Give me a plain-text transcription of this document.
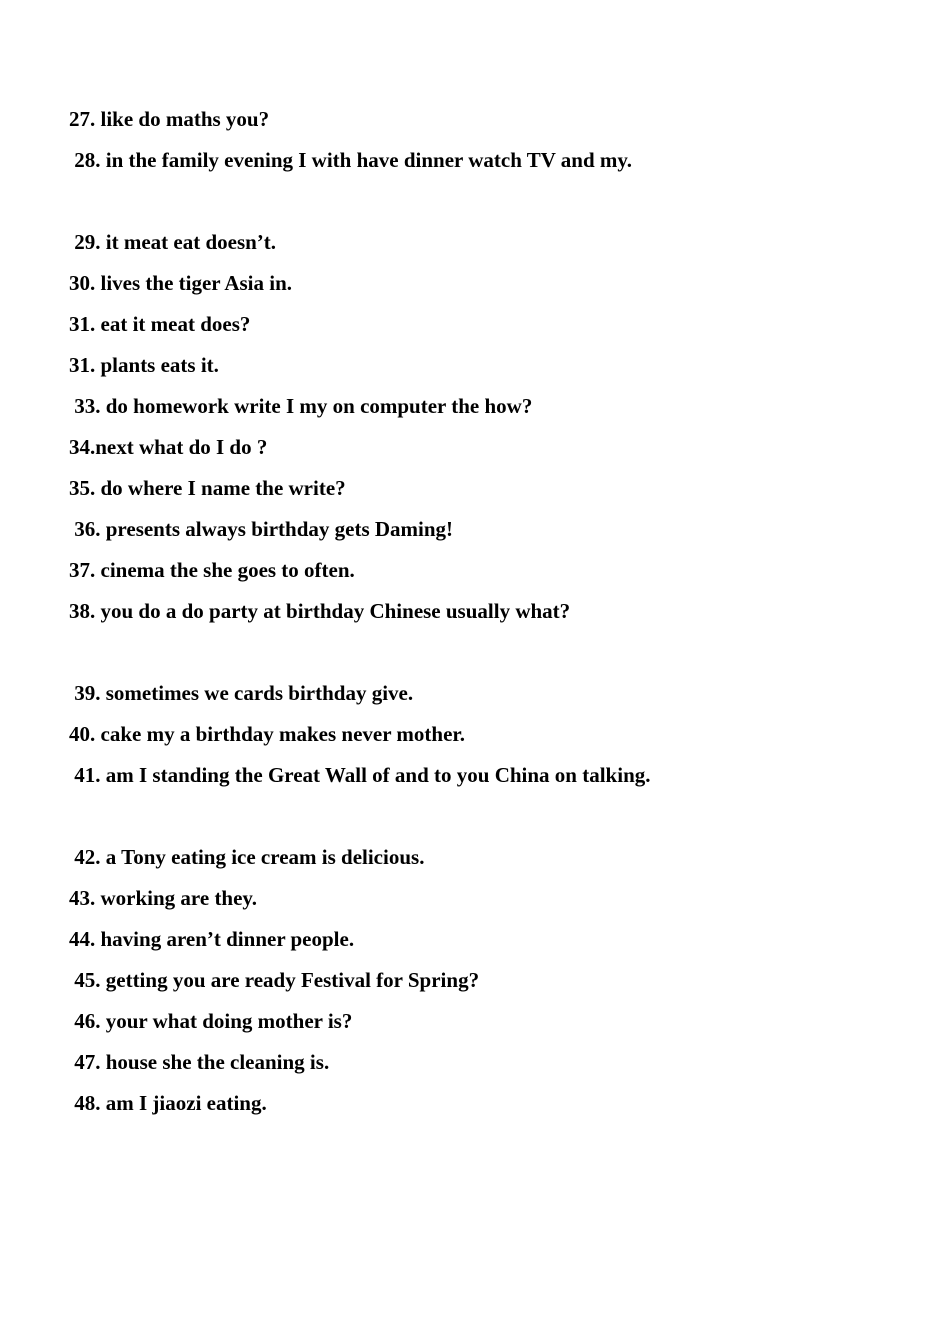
27. like do maths you?
28. in the family evening I with have dinner watch TV and my.
29. it meat eat doesn’t.
30. lives the tiger Asia in.
31. eat it meat does?
31. plants eats it.
33. do homework write I my on computer the how?
34.next what do I do ?
35. do where I name the write?
36. presents always birthday gets Daming!
37. cinema the she goes to often.
38. you do a do party at birthday Chinese usually what?
39. sometimes we cards birthday give.
40. cake my a birthday makes never mother.
41. am I standing the Great Wall of and to you China on talking.
42. a Tony eating ice cream is delicious.
43. working are they.
44. having aren’t dinner people.
45. getting you are ready Festival for Spring?
46. your what doing mother is?
47. house she the cleaning is.
48. am I jiaozi eating.
